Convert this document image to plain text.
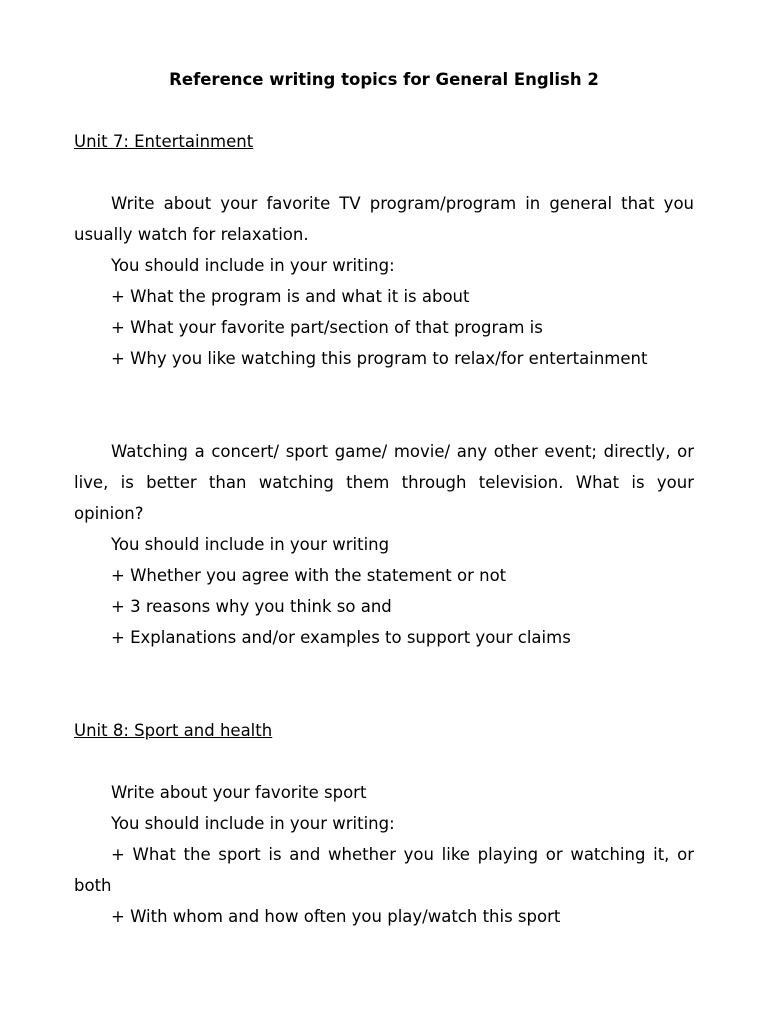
Reference writing topics for General English 2
Unit 7: Entertainment

Write about your favorite TV program/program in general that you usually watch for relaxation.

You should include in your writing:
+ What the program is and what it is about
+ What your favorite part/section of that program is

+ Why you like watching this program to relax/for entertainment

Watching a concert/ sport game/ movie/ any other event; directly, or live, is better than watching them through television. What is your opinion?

You should include in your writing
+ Whether you agree with the statement or not
+ 3 reasons why you think so and
+ Explanations and/or examples to support your claims
Unit 8: Sport and health
Write about your favorite sport
You should include in your writing:

+ What the sport is and whether you like playing or watching it, or both

+ With whom and how often you play/watch this sport
